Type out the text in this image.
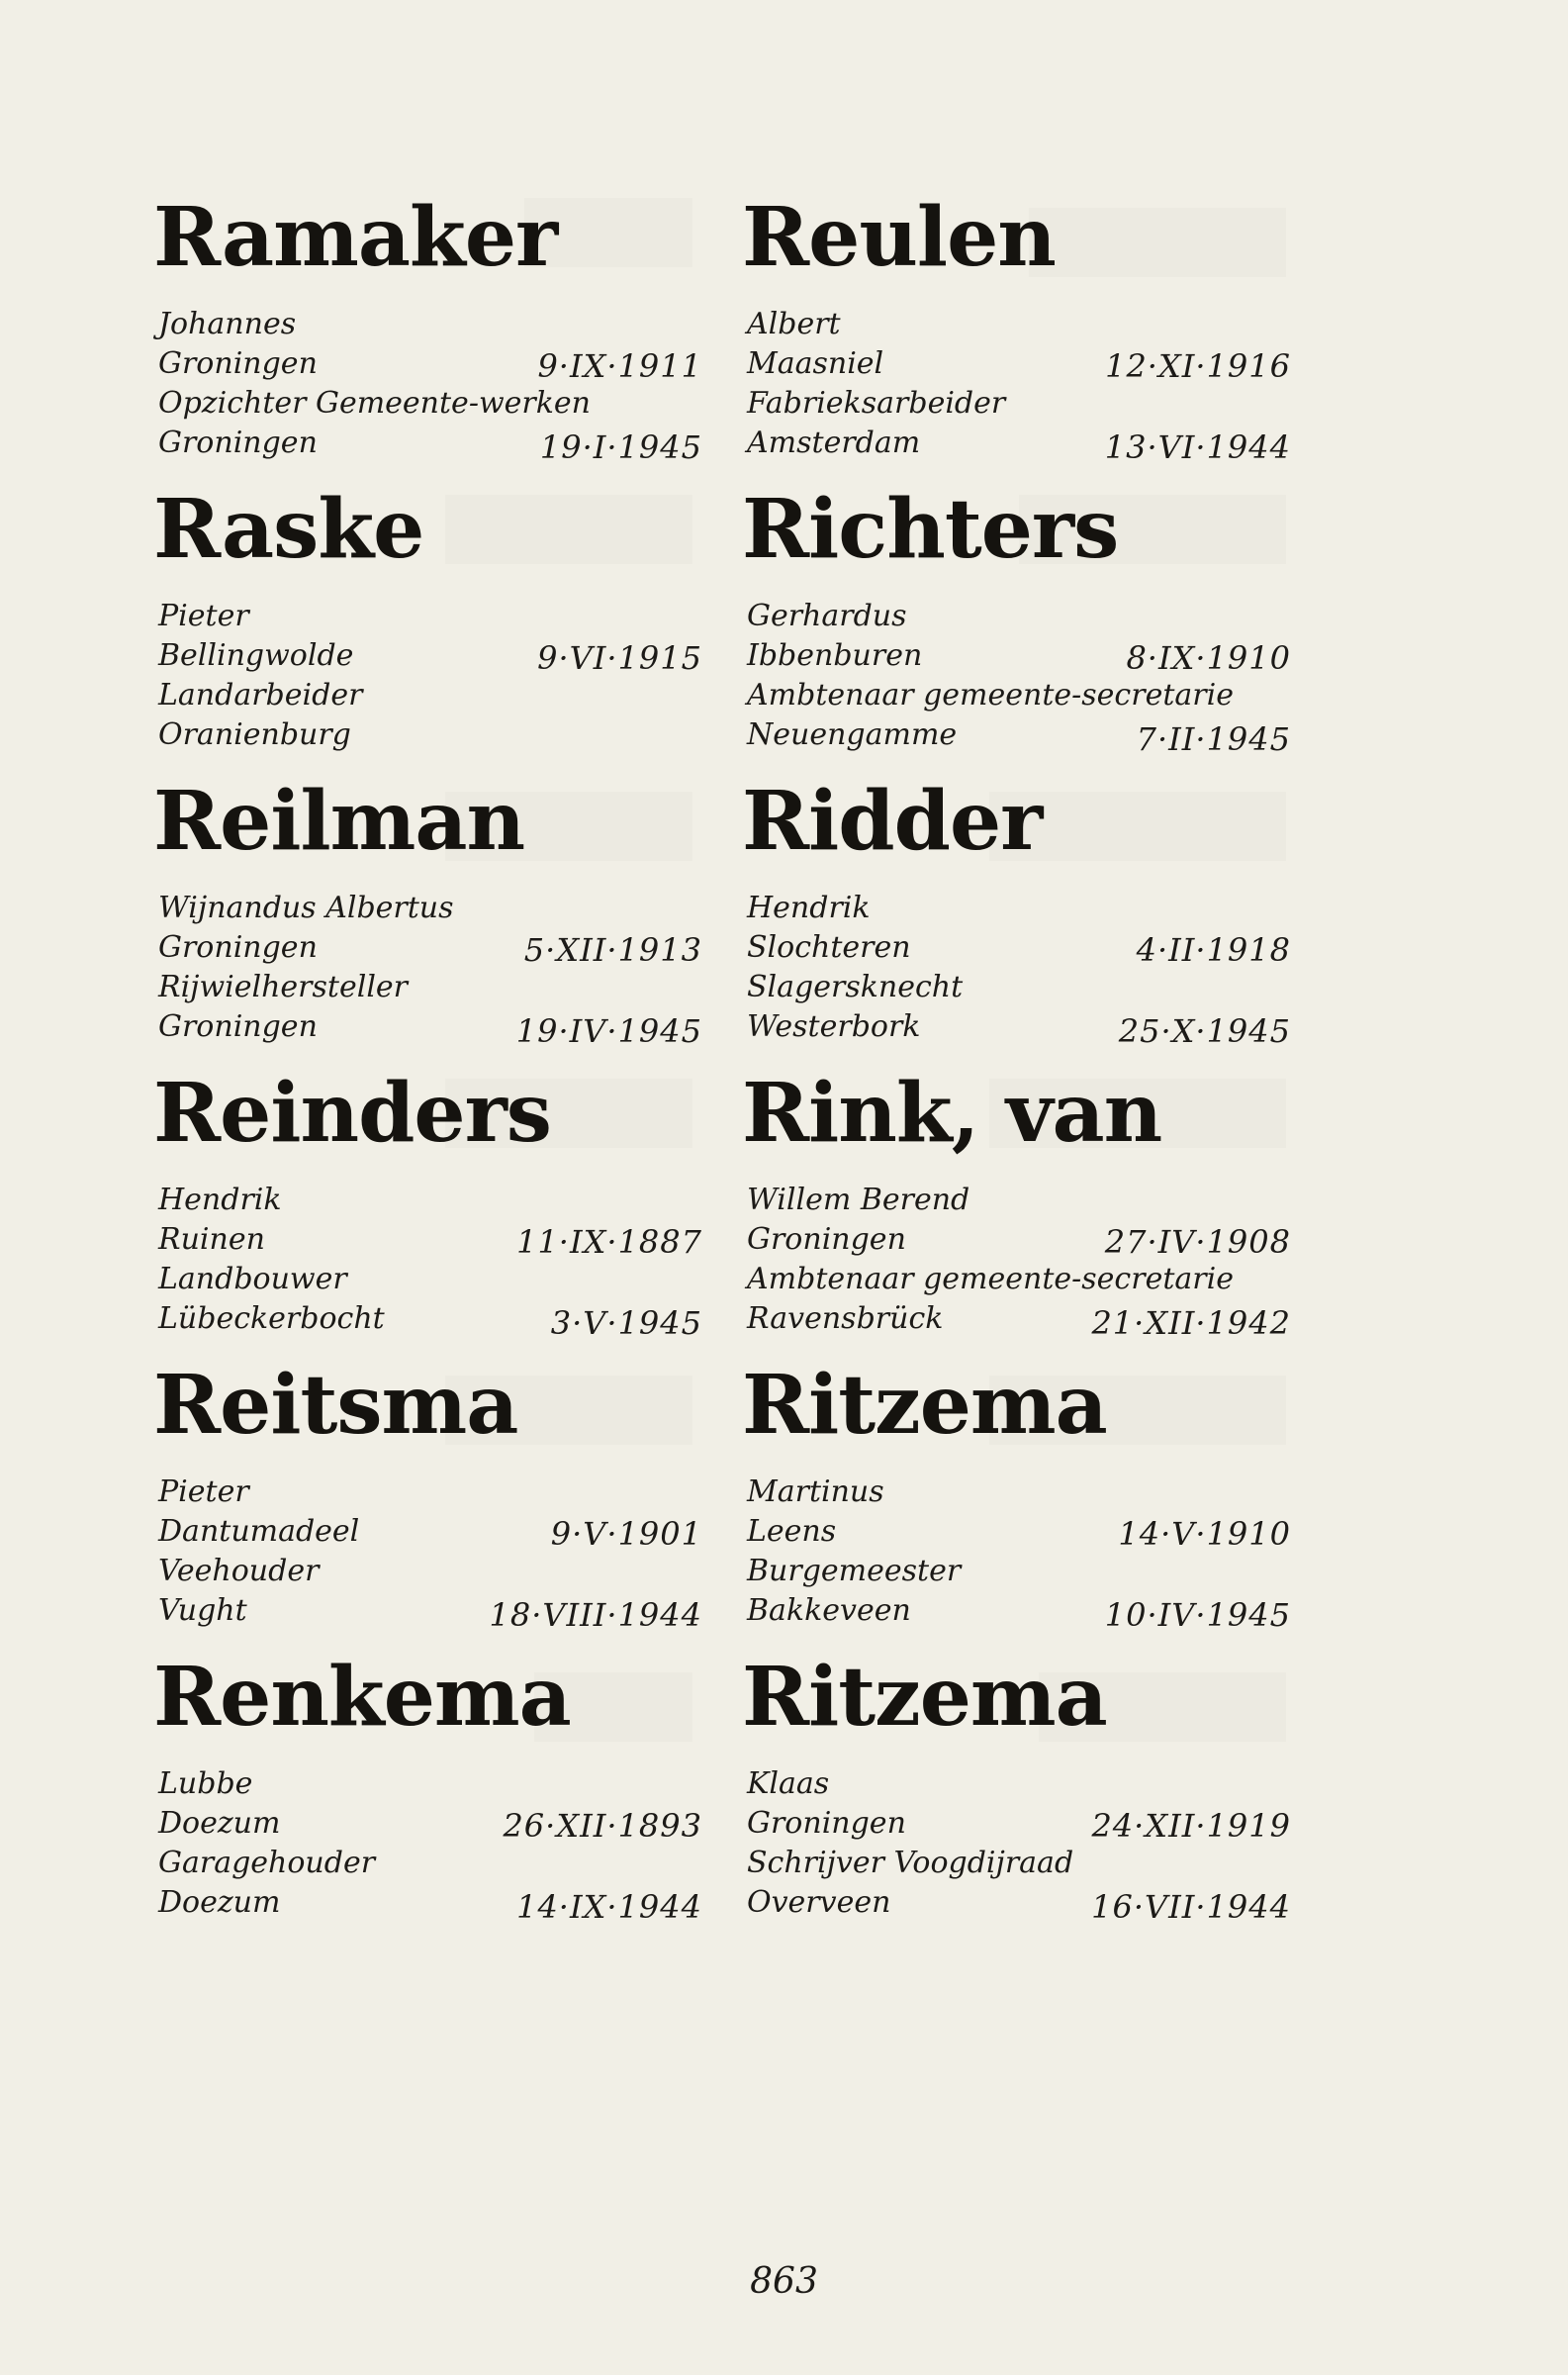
Ramaker
Johannes
Groningen	9·IX·1911
Opzichter Gemeente-werken
Groningen	19·I·1945
Raske
Pieter
Bellingwolde	9·VI·1915
Landarbeider
Oranienburg
Reilman
Wijnandus Albertus
Groningen	5·XII·1913
Rijwielhersteller
Groningen	19·IV·1945
Reinders
Hendrik
Ruinen	11·IX·1887
Landbouwer
Lübeckerbocht	3·V·1945
Reitsma
Pieter
Dantumadeel	9·V·1901
Veehouder
Vught	18·VIII·1944
Renkema
Lubbe
Doezum	26·XII·1893
Garagehouder
Doezum	14·IX·1944
Reulen
Albert
Maasniel	12·XI·1916
Fabrieksarbeider
Amsterdam	13·VI·1944
Richters
Gerhardus
Ibbenburen	8·IX·1910
Ambtenaar gemeente-secretarie
Neuengamme	7·II·1945
Ridder
Hendrik
Slochteren	4·II·1918
Slagersknecht
Westerbork	25·X·1945
Rink, van
Willem Berend
Groningen	27·IV·1908
Ambtenaar gemeente-secretarie
Ravensbrück	21·XII·1942
Ritzema
Martinus
Leens	14·V·1910
Burgemeester
Bakkeveen	10·IV·1945
Ritzema
Klaas
Groningen	24·XII·1919
Schrijver Voogdijraad
Overveen	16·VII·1944
863
